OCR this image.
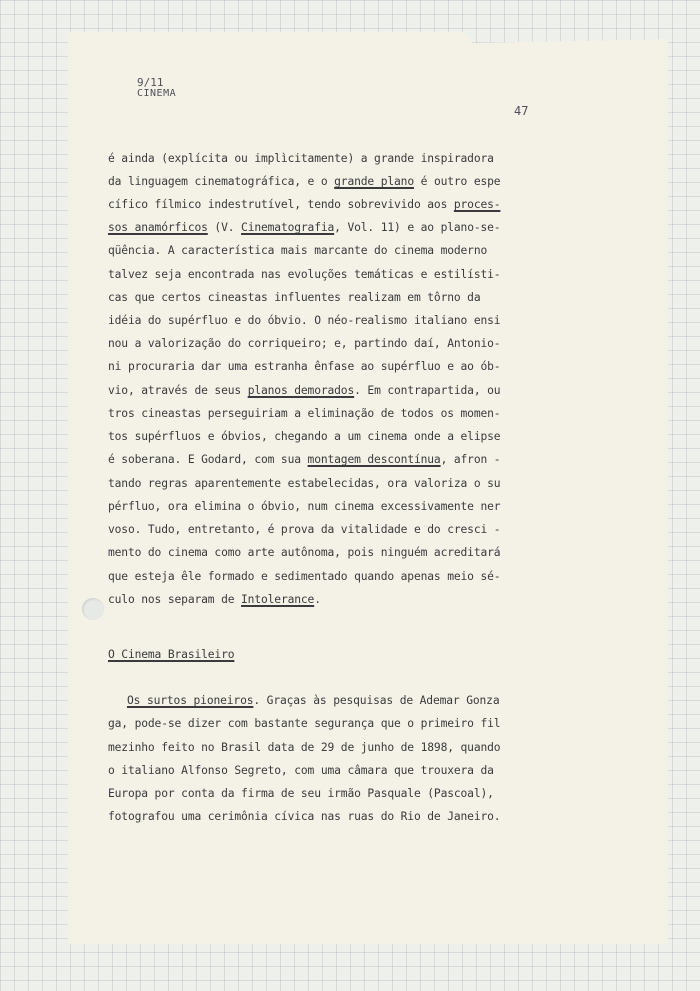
9/11
CINEMA
47
é ainda (explícita ou implìcitamente) a grande inspiradora
da linguagem cinematográfica, e o grande plano é outro espe
cífico fílmico indestrutível, tendo sobrevivido aos proces-
sos anamórficos (V. Cinematografia, Vol. 11) e ao plano-se-
qüência. A característica mais marcante do cinema moderno
talvez seja encontrada nas evoluções temáticas e estilísti-
cas que certos cineastas influentes realizam em tôrno da
idéia do supérfluo e do óbvio. O néo-realismo italiano ensi
nou a valorização do corriqueiro; e, partindo daí, Antonio-
ni procuraria dar uma estranha ênfase ao supérfluo e ao ób-
vio, através de seus planos demorados. Em contrapartida, ou
tros cineastas perseguiriam a eliminação de todos os momen-
tos supérfluos e óbvios, chegando a um cinema onde a elipse
é soberana. E Godard, com sua montagem descontínua, afron -
tando regras aparentemente estabelecidas, ora valoriza o su
pérfluo, ora elimina o óbvio, num cinema excessivamente ner
voso. Tudo, entretanto, é prova da vitalidade e do cresci -
mento do cinema como arte autônoma, pois ninguém acreditará
que esteja êle formado e sedimentado quando apenas meio sé-
culo nos separam de Intolerance.
O Cinema Brasileiro
Os surtos pioneiros. Graças às pesquisas de Ademar Gonza
ga, pode-se dizer com bastante segurança que o primeiro fil
mezinho feito no Brasil data de 29 de junho de 1898, quando
o italiano Alfonso Segreto, com uma câmara que trouxera da
Europa por conta da firma de seu irmão Pasquale (Pascoal),
fotografou uma cerimônia cívica nas ruas do Rio de Janeiro.
